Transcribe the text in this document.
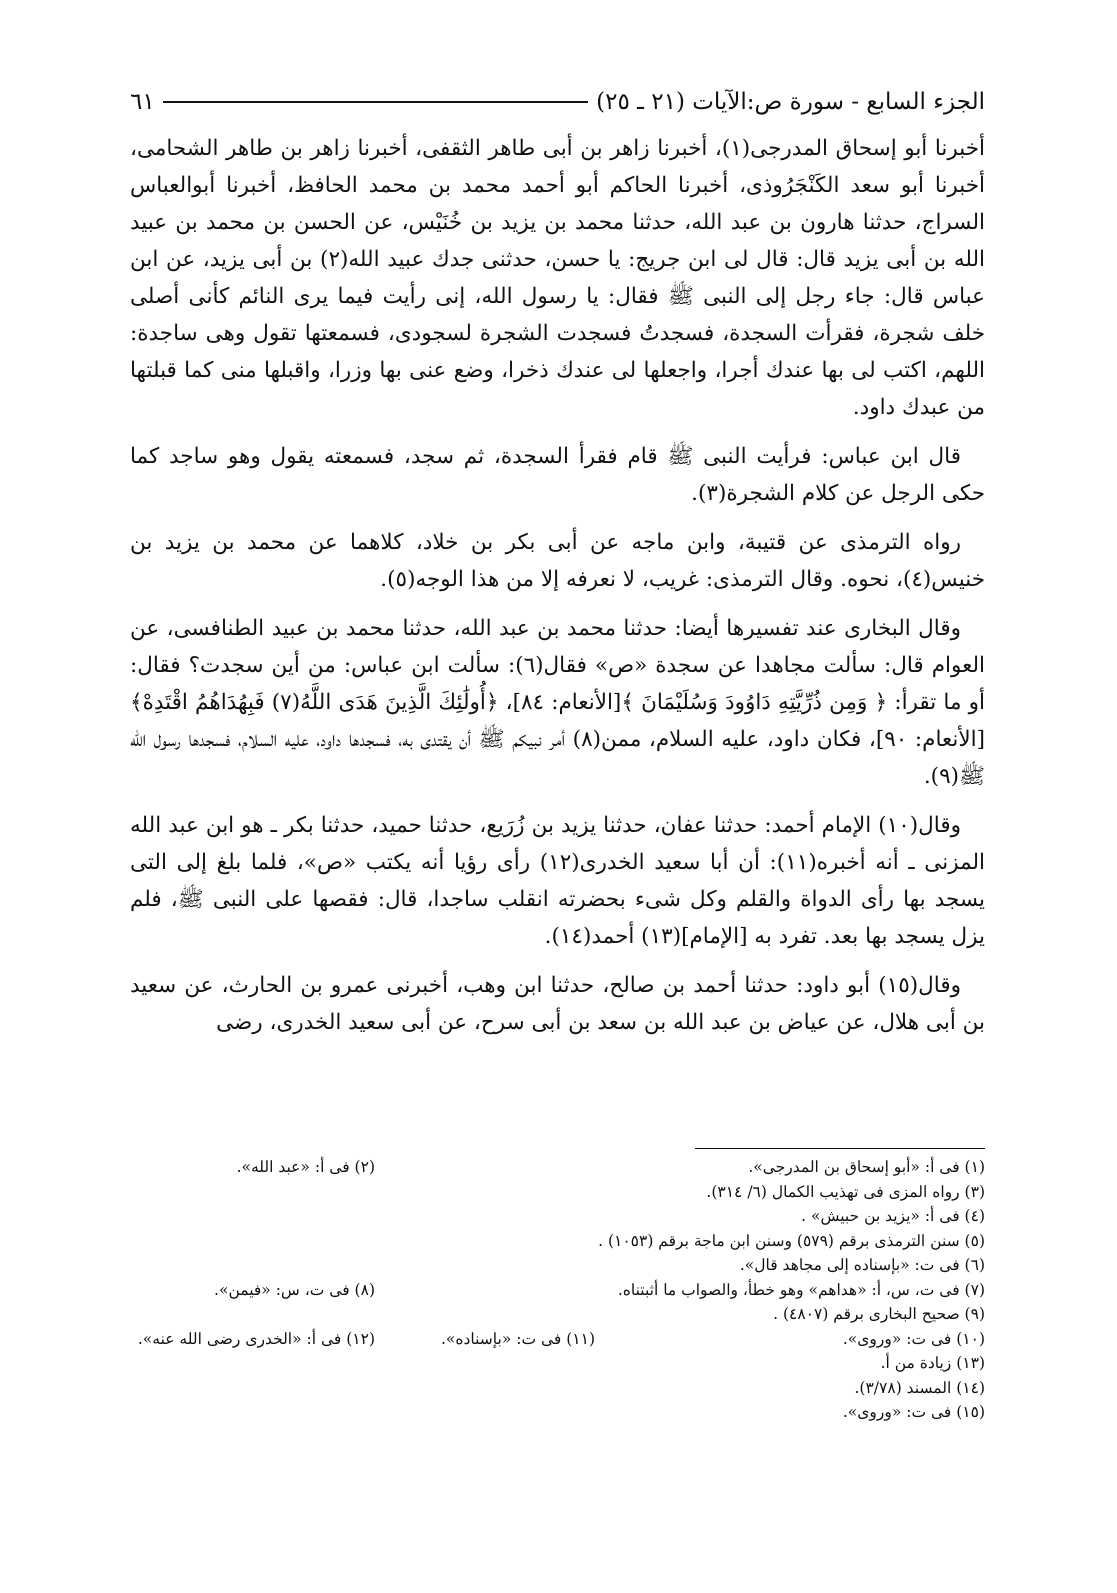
الجزء السابع - سورة ص:الآيات (٢١ ـ ٢٥)
٦١

أخبرنا أبو إسحاق المدرجى(١)، أخبرنا زاهر بن أبى طاهر الثقفى، أخبرنا زاهر بن طاهر الشحامى، أخبرنا أبو سعد الكَنْجَرُوذى، أخبرنا الحاكم أبو أحمد محمد بن محمد الحافظ، أخبرنا أبوالعباس السراج، حدثنا هارون بن عبد الله، حدثنا محمد بن يزيد بن خُنَيْس، عن الحسن بن محمد بن عبيد الله بن أبى يزيد قال: قال لى ابن جريج: يا حسن، حدثنى جدك عبيد الله(٢) بن أبى يزيد، عن ابن عباس قال: جاء رجل إلى النبى ﷺ فقال: يا رسول الله، إنى رأيت فيما يرى النائم كأنى أصلى خلف شجرة، فقرأت السجدة، فسجدتُ فسجدت الشجرة لسجودى، فسمعتها تقول وهى ساجدة: اللهم، اكتب لى بها عندك أجرا، واجعلها لى عندك ذخرا، وضع عنى بها وزرا، واقبلها منى كما قبلتها من عبدك داود.

قال ابن عباس: فرأيت النبى ﷺ قام فقرأ السجدة، ثم سجد، فسمعته يقول وهو ساجد كما حكى الرجل عن كلام الشجرة(٣).

رواه الترمذى عن قتيبة، وابن ماجه عن أبى بكر بن خلاد، كلاهما عن محمد بن يزيد بن خنيس(٤)، نحوه. وقال الترمذى: غريب، لا نعرفه إلا من هذا الوجه(٥).

وقال البخارى عند تفسيرها أيضا: حدثنا محمد بن عبد الله، حدثنا محمد بن عبيد الطنافسى، عن العوام قال: سألت مجاهدا عن سجدة «ص» فقال(٦): سألت ابن عباس: من أين سجدت؟ فقال: أو ما تقرأ: ﴿ وَمِن ذُرِّيَّتِهِ دَاوُودَ وَسُلَيْمَانَ ﴾[الأنعام: ٨٤]، ﴿أُولَٰئِكَ الَّذِينَ هَدَى اللَّهُ(٧) فَبِهُدَاهُمُ اقْتَدِهْ﴾ [الأنعام: ٩٠]، فكان داود، عليه السلام، ممن(٨) أمر نبيكم ﷺ أن يقتدى به، فسجدها داود، عليه السلام، فسجدها رسول الله ﷺ(٩).

وقال(١٠) الإمام أحمد: حدثنا عفان، حدثنا يزيد بن زُرَيع، حدثنا حميد، حدثنا بكر ـ هو ابن عبد الله المزنى ـ أنه أخبره(١١): أن أبا سعيد الخدرى(١٢) رأى رؤيا أنه يكتب «ص»، فلما بلغ إلى التى يسجد بها رأى الدواة والقلم وكل شىء بحضرته انقلب ساجدا، قال: فقصها على النبى ﷺ، فلم يزل يسجد بها بعد. تفرد به [الإمام](١٣) أحمد(١٤).

وقال(١٥) أبو داود: حدثنا أحمد بن صالح، حدثنا ابن وهب، أخبرنى عمرو بن الحارث، عن سعيد بن أبى هلال، عن عياض بن عبد الله بن سعد بن أبى سرح، عن أبى سعيد الخدرى، رضى

(١) فى أ: «أبو إسحاق بن المدرجى».
(٢) فى أ: «عبد الله».
(٣) رواه المزى فى تهذيب الكمال (٦/ ٣١٤).
(٤) فى أ: «يزيد بن حبيش» .
(٥) سنن الترمذى برقم (٥٧٩) وسنن ابن ماجة برقم (١٠٥٣) .
(٦) فى ت: «بإسناده إلى مجاهد قال».
(٧) فى ت، س، أ: «هداهم» وهو خطأ، والصواب ما أثبتناه.
(٨) فى ت، س: «فيمن».
(٩) صحيح البخارى برقم (٤٨٠٧) .
(١٠) فى ت: «وروى».
(١١) فى ت: «بإسناده».
(١٢) فى أ: «الخدرى رضى الله عنه».
(١٣) زيادة من أ.
(١٤) المسند (٣/٧٨).
(١٥) فى ت: «وروى».
